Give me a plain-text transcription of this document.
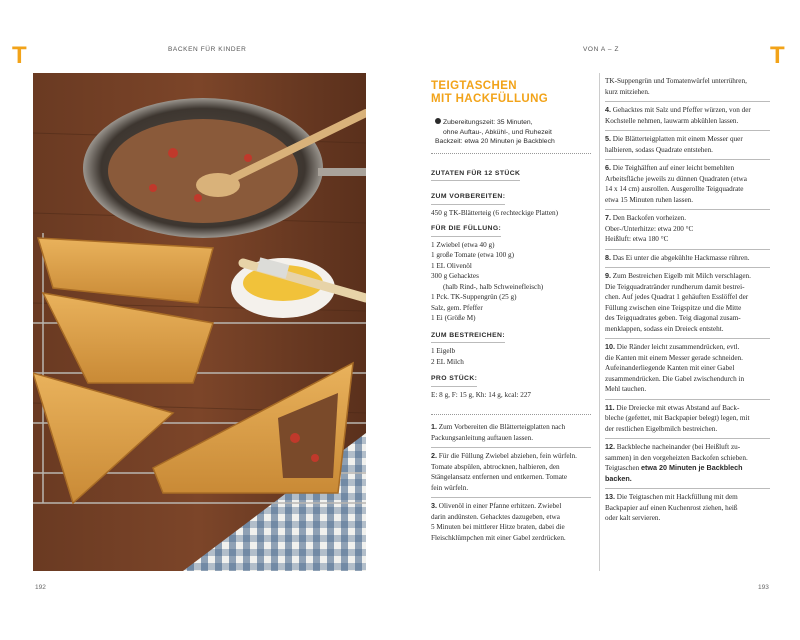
T	T
BACKEN FÜR KINDER	VON A – Z
TEIGTASCHEN
MIT HACKFÜLLUNG
Zubereitungszeit: 35 Minuten,
ohne Auftau-, Abkühl-, und Ruhezeit
Backzeit: etwa 20 Minuten je Backblech
ZUTATEN FÜR 12 STÜCK
ZUM VORBEREITEN:
450 g TK-Blätterteig (6 rechteckige Platten)
FÜR DIE FÜLLUNG:
1 Zwiebel (etwa 40 g)
1 große Tomate (etwa 100 g)
1 EL Olivenöl
300 g Gehacktes
(halb Rind-, halb Schweinefleisch)
1 Pck. TK-Suppengrün (25 g)
Salz, gem. Pfeffer
1 Ei (Größe M)
ZUM BESTREICHEN:
1 Eigelb
2 EL Milch
PRO STÜCK:
E: 8 g, F: 15 g, Kh: 14 g, kcal: 227
1. Zum Vorbereiten die Blätterteigplatten nach
Packungsanleitung auftauen lassen.
2. Für die Füllung Zwiebel abziehen, fein würfeln.
Tomate abspülen, abtrocknen, halbieren, den
Stängelansatz entfernen und entkernen. Tomate
fein würfeln.
3. Olivenöl in einer Pfanne erhitzen. Zwiebel
darin andünsten. Gehacktes dazugeben, etwa
5 Minuten bei mittlerer Hitze braten, dabei die
Fleischklümpchen mit einer Gabel zerdrücken.
TK-Suppengrün und Tomatenwürfel unterrühren,
kurz mitziehen.
4. Gehacktes mit Salz und Pfeffer würzen, von der
Kochstelle nehmen, lauwarm abkühlen lassen.
5. Die Blätterteigplatten mit einem Messer quer
halbieren, sodass Quadrate entstehen.
6. Die Teighälften auf einer leicht bemehlten
Arbeitsfläche jeweils zu dünnen Quadraten (etwa
14 x 14 cm) ausrollen. Ausgerollte Teigquadrate
etwa 15 Minuten ruhen lassen.
7. Den Backofen vorheizen.
Ober-/Unterhitze: etwa 200 °C
Heißluft: etwa 180 °C
8. Das Ei unter die abgekühlte Hackmasse rühren.
9. Zum Bestreichen Eigelb mit Milch verschlagen.
Die Teigquadratränder rundherum damit bestrei-
chen. Auf jedes Quadrat 1 gehäuften Esslöffel der
Füllung zwischen eine Teigspitze und die Mitte
des Teigquadrates geben. Teig diagonal zusam-
menklappen, sodass ein Dreieck entsteht.
10. Die Ränder leicht zusammendrücken, evtl.
die Kanten mit einem Messer gerade schneiden.
Aufeinanderliegende Kanten mit einer Gabel
zusammendrücken. Die Gabel zwischendurch in
Mehl tauchen.
11. Die Dreiecke mit etwas Abstand auf Back-
bleche (gefettet, mit Backpapier belegt) legen, mit
der restlichen Eigelbmilch bestreichen.
12. Backbleche nacheinander (bei Heißluft zu-
sammen) in den vorgeheizten Backofen schieben.
Teigtaschen etwa 20 Minuten je Backblech backen.
13. Die Teigtaschen mit Hackfüllung mit dem
Backpapier auf einen Kuchenrost ziehen, heiß
oder kalt servieren.
192	193
